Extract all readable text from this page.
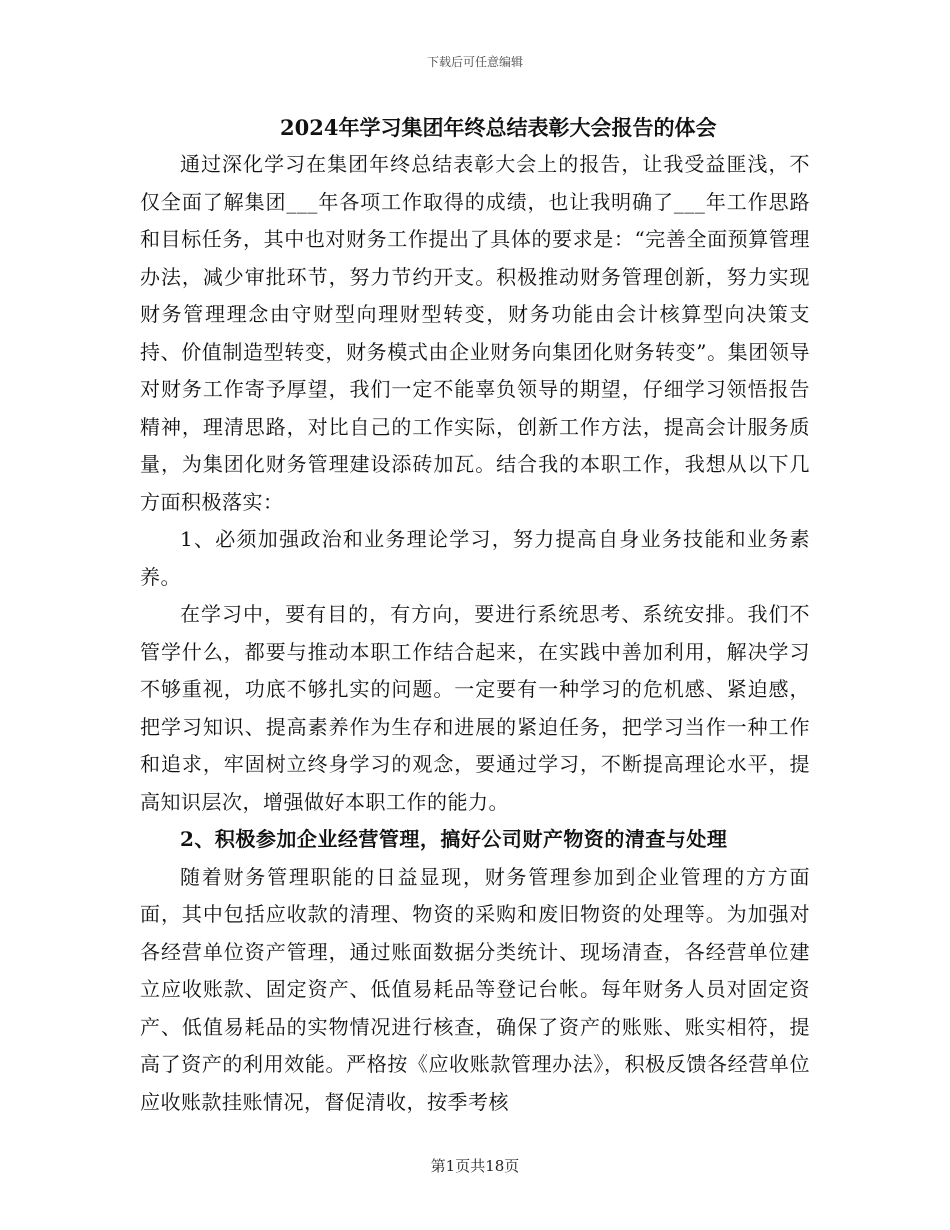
下载后可任意编辑
2024年学习集团年终总结表彰大会报告的体会

通过深化学习在集团年终总结表彰大会上的报告，让我受益匪浅，不仅全面了解集团___年各项工作取得的成绩，也让我明确了___年工作思路和目标任务，其中也对财务工作提出了具体的要求是：“完善全面预算管理办法，减少审批环节，努力节约开支。积极推动财务管理创新，努力实现财务管理理念由守财型向理财型转变，财务功能由会计核算型向决策支持、价值制造型转变，财务模式由企业财务向集团化财务转变”。集团领导对财务工作寄予厚望，我们一定不能辜负领导的期望，仔细学习领悟报告精神，理清思路，对比自己的工作实际，创新工作方法，提高会计服务质量，为集团化财务管理建设添砖加瓦。结合我的本职工作，我想从以下几方面积极落实：

1、必须加强政治和业务理论学习，努力提高自身业务技能和业务素养。

在学习中，要有目的，有方向，要进行系统思考、系统安排。我们不管学什么，都要与推动本职工作结合起来，在实践中善加利用，解决学习不够重视，功底不够扎实的问题。一定要有一种学习的危机感、紧迫感，把学习知识、提高素养作为生存和进展的紧迫任务，把学习当作一种工作和追求，牢固树立终身学习的观念，要通过学习，不断提高理论水平，提高知识层次，增强做好本职工作的能力。

2、积极参加企业经营管理，搞好公司财产物资的清查与处理

随着财务管理职能的日益显现，财务管理参加到企业管理的方方面面，其中包括应收款的清理、物资的采购和废旧物资的处理等。为加强对各经营单位资产管理，通过账面数据分类统计、现场清查，各经营单位建立应收账款、固定资产、低值易耗品等登记台帐。每年财务人员对固定资产、低值易耗品的实物情况进行核查，确保了资产的账账、账实相符，提高了资产的利用效能。严格按《应收账款管理办法》，积极反馈各经营单位应收账款挂账情况，督促清收，按季考核

第1页共18页
